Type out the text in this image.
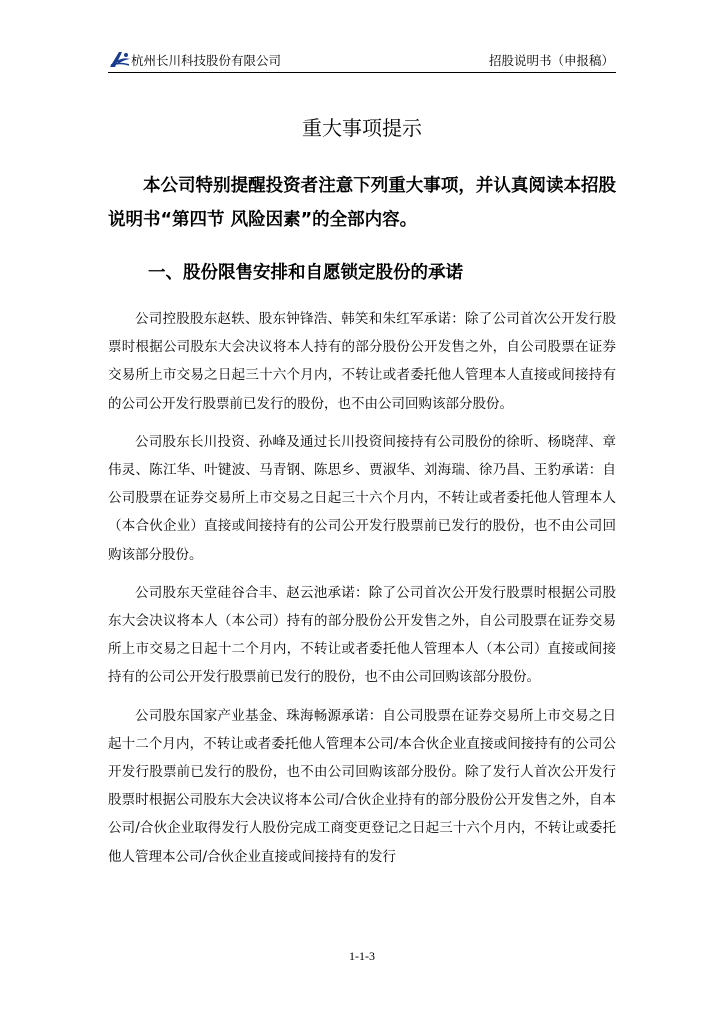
杭州长川科技股份有限公司	招股说明书（申报稿）
重大事项提示

本公司特别提醒投资者注意下列重大事项，并认真阅读本招股说明书“第四节 风险因素”的全部内容。

一、股份限售安排和自愿锁定股份的承诺

公司控股股东赵轶、股东钟锋浩、韩笑和朱红军承诺：除了公司首次公开发行股票时根据公司股东大会决议将本人持有的部分股份公开发售之外，自公司股票在证券交易所上市交易之日起三十六个月内，不转让或者委托他人管理本人直接或间接持有的公司公开发行股票前已发行的股份，也不由公司回购该部分股份。

公司股东长川投资、孙峰及通过长川投资间接持有公司股份的徐昕、杨晓萍、章伟灵、陈江华、叶键波、马青钢、陈思乡、贾淑华、刘海瑞、徐乃昌、王豹承诺：自公司股票在证券交易所上市交易之日起三十六个月内，不转让或者委托他人管理本人（本合伙企业）直接或间接持有的公司公开发行股票前已发行的股份，也不由公司回购该部分股份。

公司股东天堂硅谷合丰、赵云池承诺：除了公司首次公开发行股票时根据公司股东大会决议将本人（本公司）持有的部分股份公开发售之外，自公司股票在证券交易所上市交易之日起十二个月内，不转让或者委托他人管理本人（本公司）直接或间接持有的公司公开发行股票前已发行的股份，也不由公司回购该部分股份。

公司股东国家产业基金、珠海畅源承诺：自公司股票在证券交易所上市交易之日起十二个月内，不转让或者委托他人管理本公司/本合伙企业直接或间接持有的公司公开发行股票前已发行的股份，也不由公司回购该部分股份。除了发行人首次公开发行股票时根据公司股东大会决议将本公司/合伙企业持有的部分股份公开发售之外，自本公司/合伙企业取得发行人股份完成工商变更登记之日起三十六个月内，不转让或委托他人管理本公司/合伙企业直接或间接持有的发行

1-1-3
